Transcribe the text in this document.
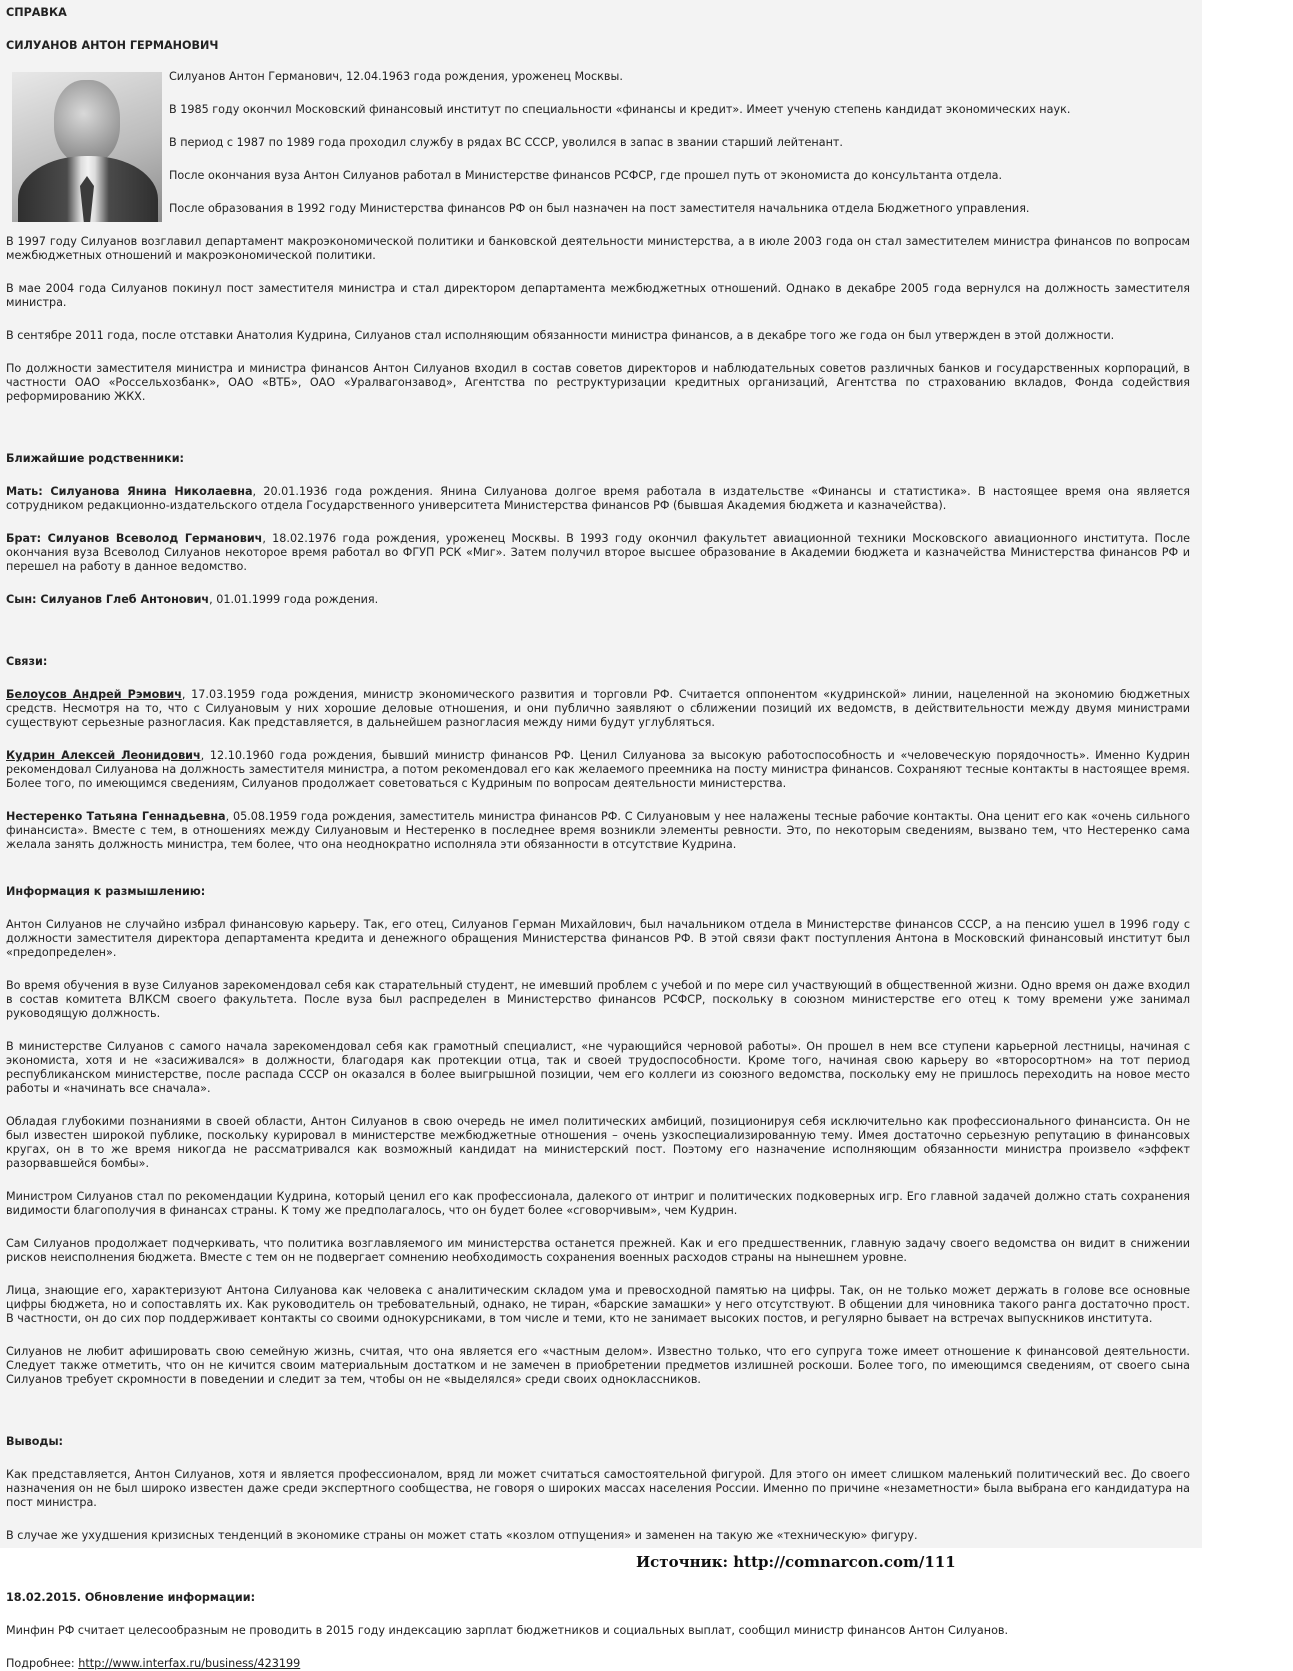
СПРАВКА

СИЛУАНОВ АНТОН ГЕРМАНОВИЧ

Силуанов Антон Германович, 12.04.1963 года рождения, уроженец Москвы.

В 1985 году окончил Московский финансовый институт по специальности «финансы и кредит». Имеет ученую степень кандидат экономических наук.

В период с 1987 по 1989 года проходил службу в рядах ВС СССР, уволился в запас в звании старший лейтенант.

После окончания вуза Антон Силуанов работал в Министерстве финансов РСФСР, где прошел путь от экономиста до консультанта отдела.

После образования в 1992 году Министерства финансов РФ он был назначен на пост заместителя начальника отдела Бюджетного управления.

В 1997 году Силуанов возглавил департамент макроэкономической политики и банковской деятельности министерства, а в июле 2003 года он стал заместителем министра финансов по вопросам межбюджетных отношений и макроэкономической политики.

В мае 2004 года Силуанов покинул пост заместителя министра и стал директором департамента межбюджетных отношений. Однако в декабре 2005 года вернулся на должность заместителя министра.

В сентябре 2011 года, после отставки Анатолия Кудрина, Силуанов стал исполняющим обязанности министра финансов, а в декабре того же года он был утвержден в этой должности.

По должности заместителя министра и министра финансов Антон Силуанов входил в состав советов директоров и наблюдательных советов различных банков и государственных корпораций, в частности ОАО «Россельхозбанк», ОАО «ВТБ», ОАО «Уралвагонзавод», Агентства по реструктуризации кредитных организаций, Агентства по страхованию вкладов, Фонда содействия реформированию ЖКХ.

Ближайшие родственники:

Мать: Силуанова Янина Николаевна, 20.01.1936 года рождения. Янина Силуанова долгое время работала в издательстве «Финансы и статистика». В настоящее время она является сотрудником редакционно-издательского отдела Государственного университета Министерства финансов РФ (бывшая Академия бюджета и казначейства).

Брат: Силуанов Всеволод Германович, 18.02.1976 года рождения, уроженец Москвы. В 1993 году окончил факультет авиационной техники Московского авиационного института. После окончания вуза Всеволод Силуанов некоторое время работал во ФГУП РСК «Миг». Затем получил второе высшее образование в Академии бюджета и казначейства Министерства финансов РФ и перешел на работу в данное ведомство.

Сын: Силуанов Глеб Антонович, 01.01.1999 года рождения.

Связи:

Белоусов Андрей Рэмович, 17.03.1959 года рождения, министр экономического развития и торговли РФ. Считается оппонентом «кудринской» линии, нацеленной на экономию бюджетных средств. Несмотря на то, что с Силуановым у них хорошие деловые отношения, и они публично заявляют о сближении позиций их ведомств, в действительности между двумя министрами существуют серьезные разногласия. Как представляется, в дальнейшем разногласия между ними будут углубляться.

Кудрин Алексей Леонидович, 12.10.1960 года рождения, бывший министр финансов РФ. Ценил Силуанова за высокую работоспособность и «человеческую порядочность». Именно Кудрин рекомендовал Силуанова на должность заместителя министра, а потом рекомендовал его как желаемого преемника на посту министра финансов. Сохраняют тесные контакты в настоящее время. Более того, по имеющимся сведениям, Силуанов продолжает советоваться с Кудриным по вопросам деятельности министерства.

Нестеренко Татьяна Геннадьевна, 05.08.1959 года рождения, заместитель министра финансов РФ. С Силуановым у нее налажены тесные рабочие контакты. Она ценит его как «очень сильного финансиста». Вместе с тем, в отношениях между Силуановым и Нестеренко в последнее время возникли элементы ревности. Это, по некоторым сведениям, вызвано тем, что Нестеренко сама желала занять должность министра, тем более, что она неоднократно исполняла эти обязанности в отсутствие Кудрина.

Информация к размышлению:

Антон Силуанов не случайно избрал финансовую карьеру. Так, его отец, Силуанов Герман Михайлович, был начальником отдела в Министерстве финансов СССР, а на пенсию ушел в 1996 году с должности заместителя директора департамента кредита и денежного обращения Министерства финансов РФ. В этой связи факт поступления Антона в Московский финансовый институт был «предопределен».

Во время обучения в вузе Силуанов зарекомендовал себя как старательный студент, не имевший проблем с учебой и по мере сил участвующий в общественной жизни. Одно время он даже входил в состав комитета ВЛКСМ своего факультета. После вуза был распределен в Министерство финансов РСФСР, поскольку в союзном министерстве его отец к тому времени уже занимал руководящую должность.

В министерстве Силуанов с самого начала зарекомендовал себя как грамотный специалист, «не чурающийся черновой работы». Он прошел в нем все ступени карьерной лестницы, начиная с экономиста, хотя и не «засиживался» в должности, благодаря как протекции отца, так и своей трудоспособности. Кроме того, начиная свою карьеру во «второсортном» на тот период республиканском министерстве, после распада СССР он оказался в более выигрышной позиции, чем его коллеги из союзного ведомства, поскольку ему не пришлось переходить на новое место работы и «начинать все сначала».

Обладая глубокими познаниями в своей области, Антон Силуанов в свою очередь не имел политических амбиций, позиционируя себя исключительно как профессионального финансиста. Он не был известен широкой публике, поскольку курировал в министерстве межбюджетные отношения – очень узкоспециализированную тему. Имея достаточно серьезную репутацию в финансовых кругах, он в то же время никогда не рассматривался как возможный кандидат на министерский пост. Поэтому его назначение исполняющим обязанности министра произвело «эффект разорвавшейся бомбы».

Министром Силуанов стал по рекомендации Кудрина, который ценил его как профессионала, далекого от интриг и политических подковерных игр. Его главной задачей должно стать сохранения видимости благополучия в финансах страны. К тому же предполагалось, что он будет более «сговорчивым», чем Кудрин.

Сам Силуанов продолжает подчеркивать, что политика возглавляемого им министерства останется прежней. Как и его предшественник, главную задачу своего ведомства он видит в снижении рисков неисполнения бюджета. Вместе с тем он не подвергает сомнению необходимость сохранения военных расходов страны на нынешнем уровне.

Лица, знающие его, характеризуют Антона Силуанова как человека с аналитическим складом ума и превосходной памятью на цифры. Так, он не только может держать в голове все основные цифры бюджета, но и сопоставлять их. Как руководитель он требовательный, однако, не тиран, «барские замашки» у него отсутствуют. В общении для чиновника такого ранга достаточно прост. В частности, он до сих пор поддерживает контакты со своими однокурсниками, в том числе и теми, кто не занимает высоких постов, и регулярно бывает на встречах выпускников института.

Силуанов не любит афишировать свою семейную жизнь, считая, что она является его «частным делом». Известно только, что его супруга тоже имеет отношение к финансовой деятельности. Следует также отметить, что он не кичится своим материальным достатком и не замечен в приобретении предметов излишней роскоши. Более того, по имеющимся сведениям, от своего сына Силуанов требует скромности в поведении и следит за тем, чтобы он не «выделялся» среди своих одноклассников.

Выводы:

Как представляется, Антон Силуанов, хотя и является профессионалом, вряд ли может считаться самостоятельной фигурой. Для этого он имеет слишком маленький политический вес. До своего назначения он не был широко известен даже среди экспертного сообщества, не говоря о широких массах населения России. Именно по причине «незаметности» была выбрана его кандидатура на пост министра.

В случае же ухудшения кризисных тенденций в экономике страны он может стать «козлом отпущения» и заменен на такую же «техническую» фигуру.

18.02.2015. Обновление информации:

Минфин РФ считает целесообразным не проводить в 2015 году индексацию зарплат бюджетников и социальных выплат, сообщил министр финансов Антон Силуанов.

Подробнее: http://www.interfax.ru/business/423199

Источник: http://comnarcon.com/111
